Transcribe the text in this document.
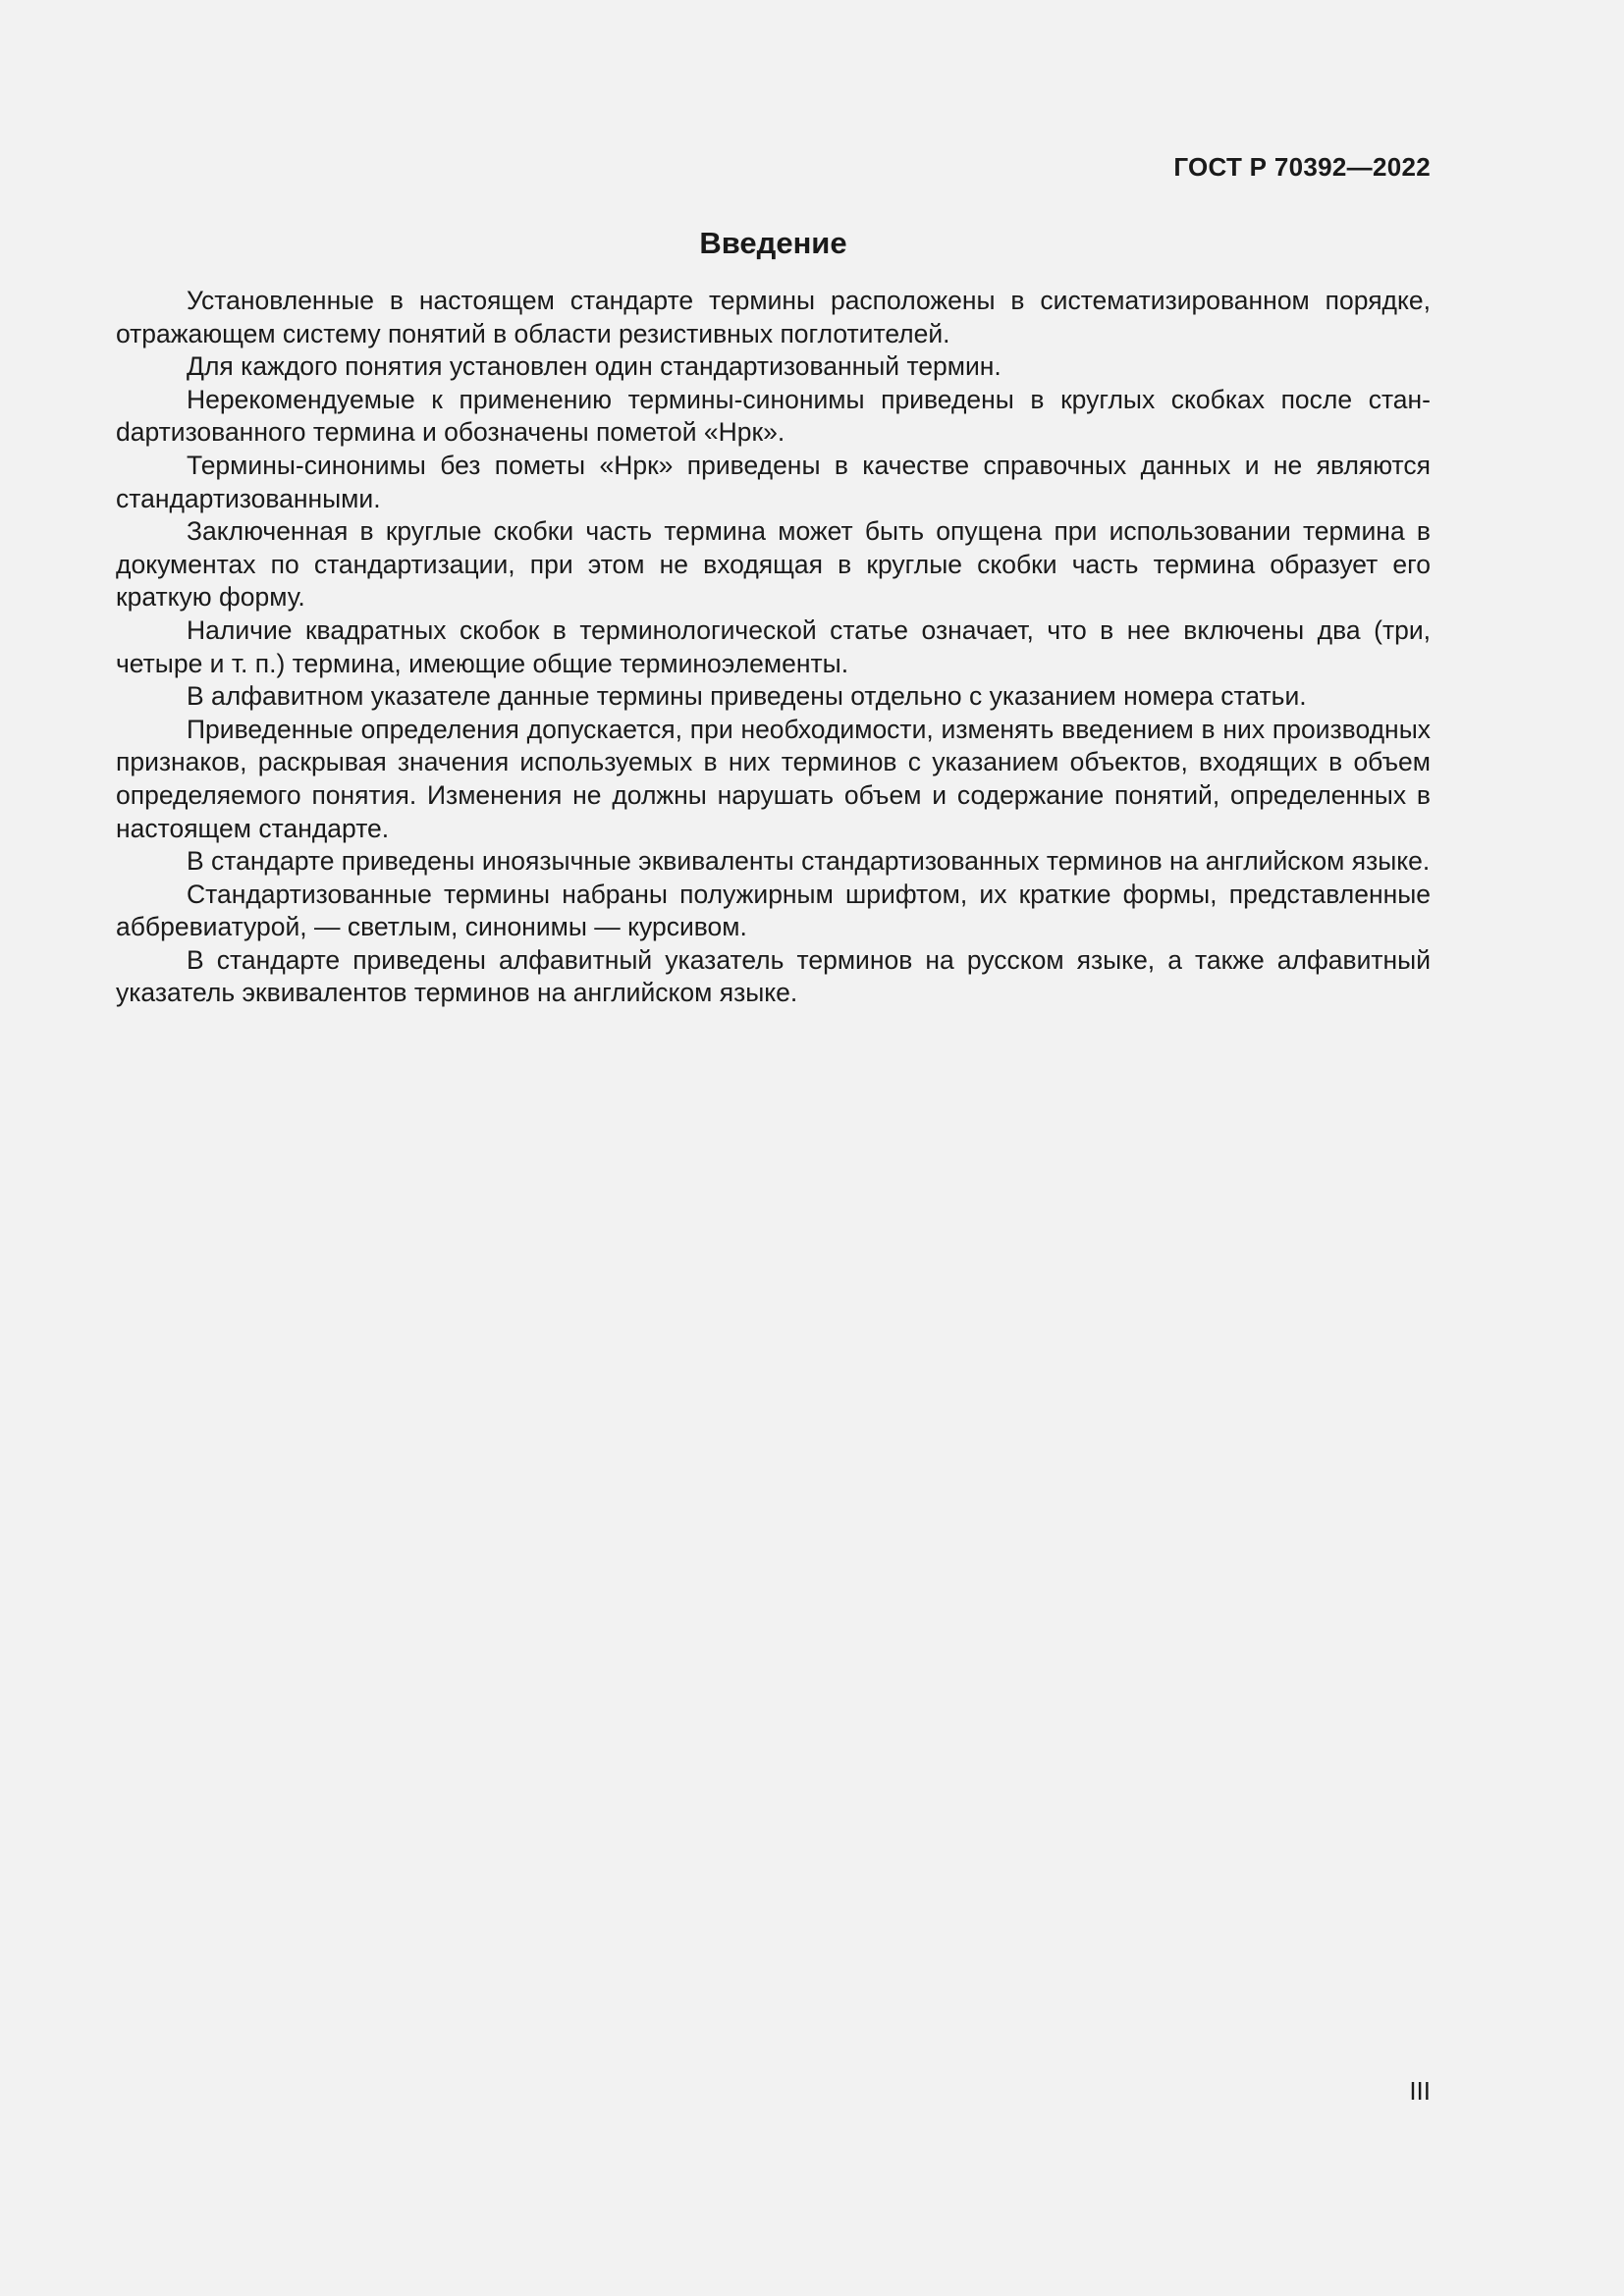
ГОСТ Р 70392—2022
Введение

Установленные в настоящем стандарте термины расположены в систематизированном порядке, отражающем систему понятий в области резистивных поглотителей.

Для каждого понятия установлен один стандартизованный термин.

Нерекомендуемые к применению термины-синонимы приведены в круглых скобках после станdартизованного термина и обозначены пометой «Нрк».

Термины-синонимы без пометы «Нрк» приведены в качестве справочных данных и не являются стандартизованными.

Заключенная в круглые скобки часть термина может быть опущена при использовании термина в документах по стандартизации, при этом не входящая в круглые скобки часть термина образует его краткую форму.

Наличие квадратных скобок в терминологической статье означает, что в нее включены два (три, четыре и т. п.) термина, имеющие общие терминоэлементы.

В алфавитном указателе данные термины приведены отдельно с указанием номера статьи.

Приведенные определения допускается, при необходимости, изменять введением в них производных признаков, раскрывая значения используемых в них терминов с указанием объектов, входящих в объем определяемого понятия. Изменения не должны нарушать объем и содержание понятий, определенных в настоящем стандарте.

В стандарте приведены иноязычные эквиваленты стандартизованных терминов на английском языке.

Стандартизованные термины набраны полужирным шрифтом, их краткие формы, представленные аббревиатурой, — светлым, синонимы — курсивом.

В стандарте приведены алфавитный указатель терминов на русском языке, а также алфавитный указатель эквивалентов терминов на английском языке.

III
